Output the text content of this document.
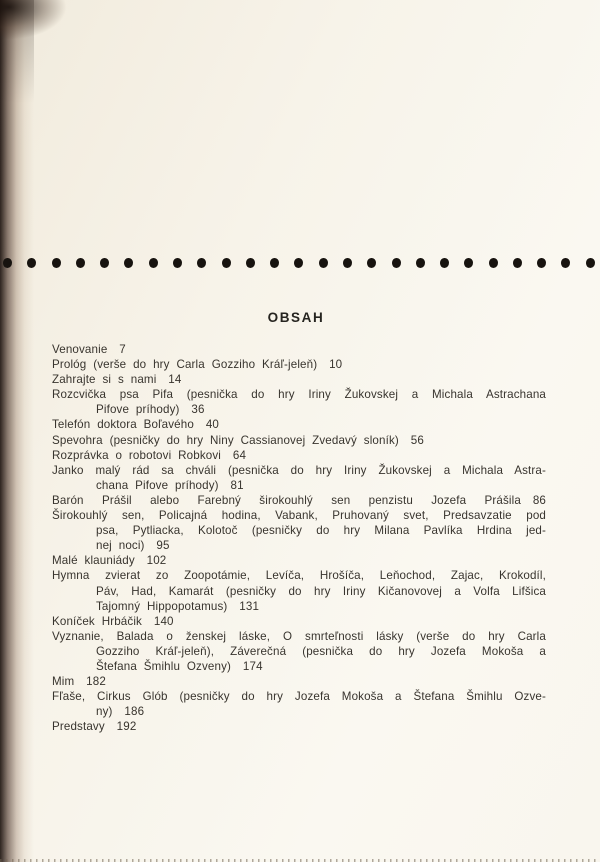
OBSAH
Venovanie  7
Prológ (verše do hry Carla Gozziho Kráľ-jeleň)  10
Zahrajte si s nami  14
Rozcvička psa Pifa (pesnička do hry Iriny Žukovskej a Michala Astrachana
Pifove príhody)  36
Telefón doktora Boľavého  40
Spevohra (pesničky do hry Niny Cassianovej Zvedavý sloník)  56
Rozprávka o robotovi Robkovi  64
Janko malý rád sa chváli (pesnička do hry Iriny Žukovskej a Michala Astra-
chana Pifove príhody)  81
Barón Prášil alebo Farebný širokouhlý sen penzistu Jozefa Prášila  86
Širokouhlý sen, Policajná hodina, Vabank, Pruhovaný svet, Predsavzatie pod
psa, Pytliacka, Kolotoč (pesničky do hry Milana Pavlíka Hrdina jed-
nej noci)  95
Malé klauniády  102
Hymna zvierat zo Zoopotámie, Levíča, Hrošíča, Leňochod, Zajac, Krokodíl,
Páv, Had, Kamarát (pesničky do hry Iriny Kičanovovej a Volfa Lifšica
Tajomný Hippopotamus)  131
Koníček Hrbáčik  140
Vyznanie, Balada o ženskej láske, O smrteľnosti lásky (verše do hry Carla
Gozziho Kráľ-jeleň), Záverečná (pesnička do hry Jozefa Mokoša a
Štefana Šmihlu Ozveny)  174
Mim  182
Fľaše, Cirkus Glób (pesničky do hry Jozefa Mokoša a Štefana Šmihlu Ozve-
ny)  186
Predstavy  192
